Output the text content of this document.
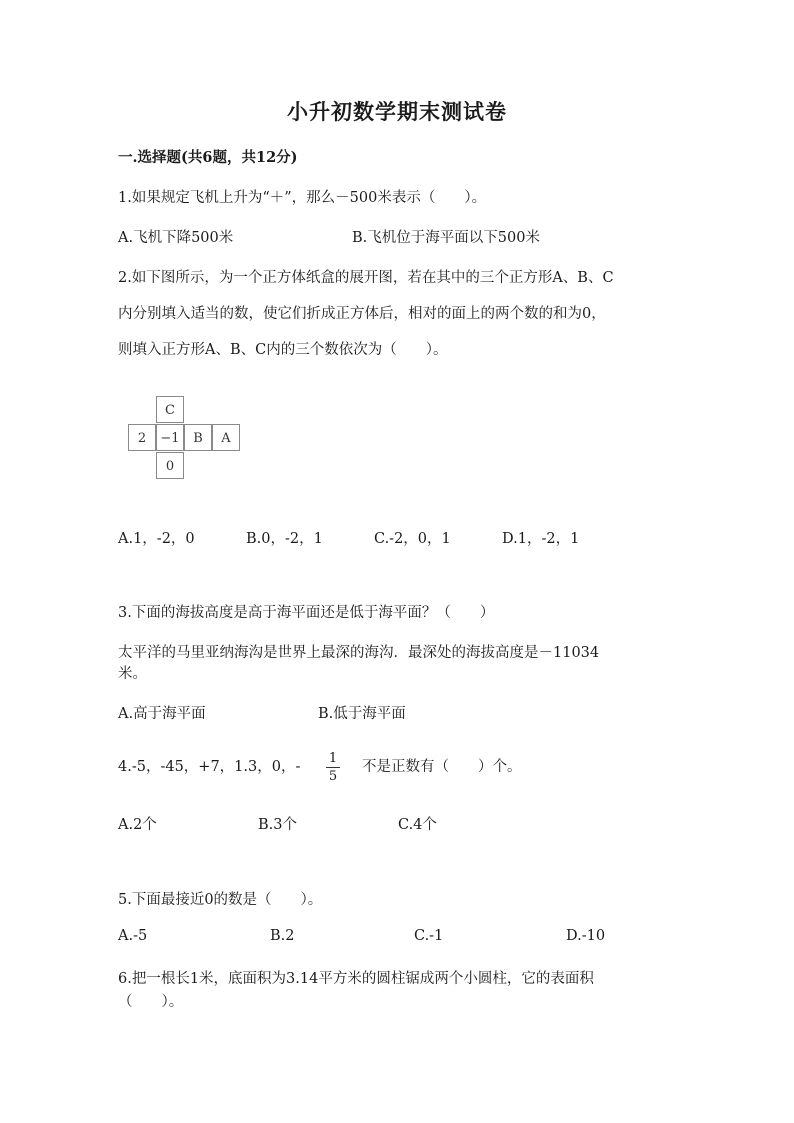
小升初数学期末测试卷
一.选择题(共6题，共12分)
1.如果规定飞机上升为“＋”，那么－500米表示（　　）。
A.飞机下降500米	B.飞机位于海平面以下500米
2.如下图所示，为一个正方体纸盒的展开图，若在其中的三个正方形A、B、C
内分别填入适当的数，使它们折成正方体后，相对的面上的两个数的和为0，
则填入正方形A、B、C内的三个数依次为（　　）。
C
2	−1	B	A
0
A.1，-2，0	B.0，-2，1	C.-2，0，1	D.1，-2，1
3.下面的海拔高度是高于海平面还是低于海平面？（　　）
太平洋的马里亚纳海沟是世界上最深的海沟．最深处的海拔高度是－11034
米。
A.高于海平面	B.低于海平面
4.-5，-45，+7，1.3，0，-
1
5
不是正数有（　　）个。
A.2个	B.3个	C.4个
5.下面最接近0的数是（　　）。
A.-5	B.2	C.-1	D.-10
6.把一根长1米，底面积为3.14平方米的圆柱锯成两个小圆柱，它的表面积
（　　）。
